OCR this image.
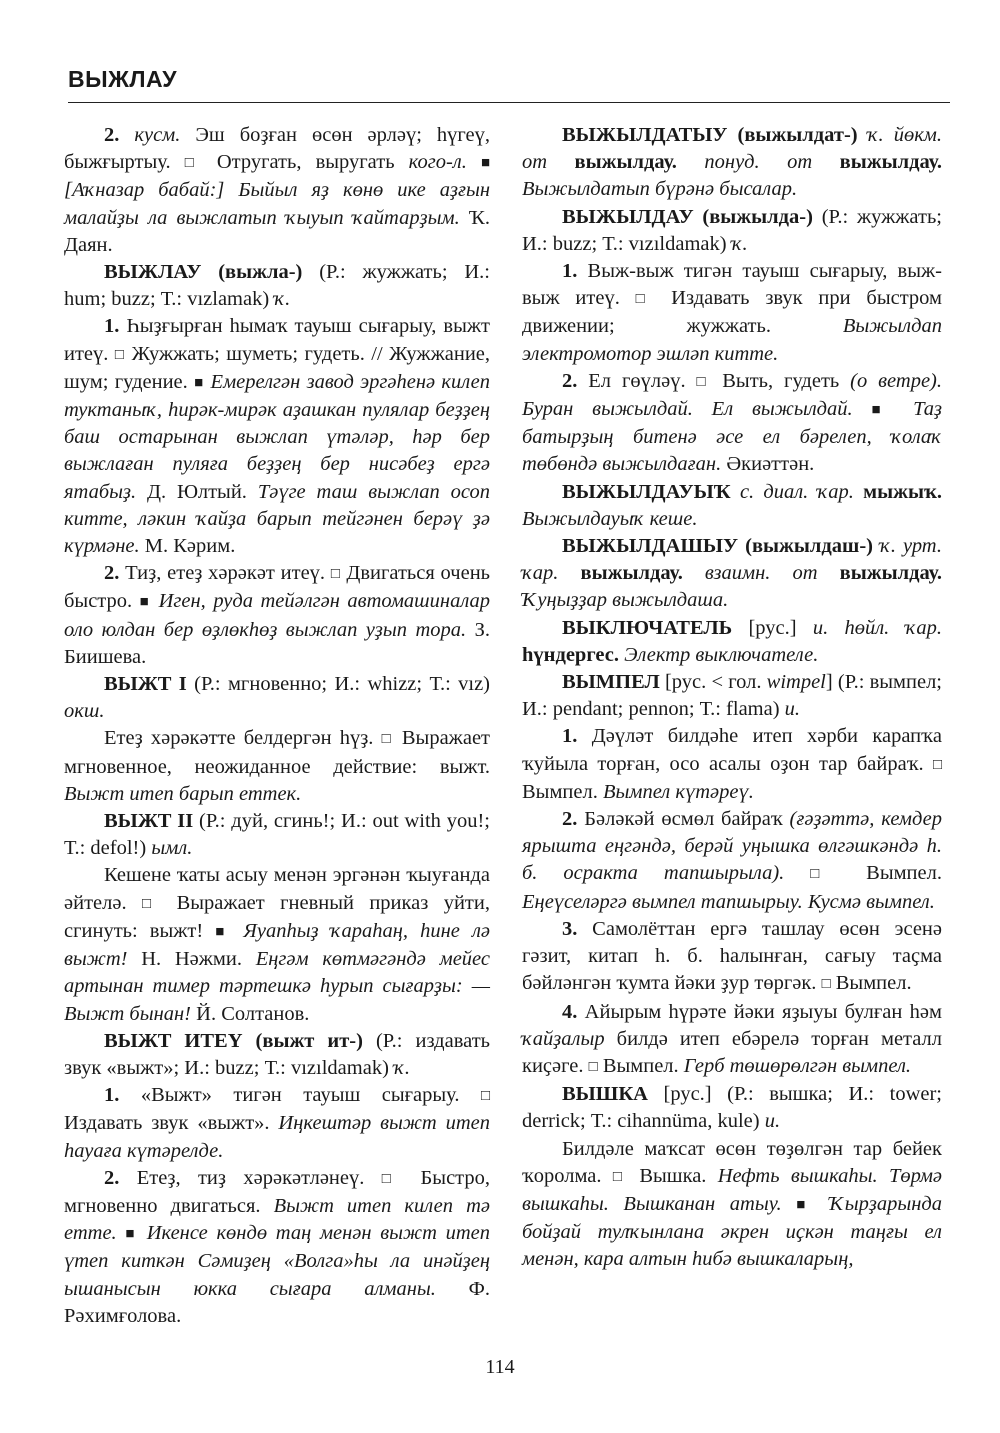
ВЫЖЛАУ

2. кусм. Эш боҙған өсөн әрләү; һүгеү, быжғыртыу. □ Отругать, выругать кого-л. ■ [Аҡназар бабай:] Быйыл яҙ көнө ике аҙғын малайҙы ла выжлатып ҡыуып ҡайтарҙым. Ҡ. Даян.

ВЫЖЛАУ (выжла-) (Р.: жужжать; И.: hum; buzz; Т.: vızlamak) ҡ.

1. Һыҙғырған һымаҡ тауыш сығарыу, выжт итеү. □ Жужжать; шуметь; гудеть. // Жужжание, шум; гудение. ■ Емерелгән завод эргәһенә килеп туктаныҡ, һирәк-мирәк аҙашкан пулялар беҙҙең баш остарынан выжлап үтәләр, һәр бер выжлаған пуляға беҙҙең бер нисәбеҙ ергә ятабыҙ. Д. Юлтый. Тәүге таш выжлап осоп китте, ләкин ҡайҙа барып тейгәнен берәү ҙә күрмәне. М. Кәрим.

2. Тиҙ, етеҙ хәрәкәт итеү. □ Двигаться очень быстро. ■ Иген, руда тейәлгән автомашиналар оло юлдан бер өҙлөкһөҙ выжлап уҙып тора. З. Биишева.

ВЫЖТ I (Р.: мгновенно; И.: whizz; Т.: vız) окш.

Етеҙ хәрәкәтте белдергән һүҙ. □ Выражает мгновенное, неожиданное действие: выжт. Выжт итеп барып еттек.

ВЫЖТ II (Р.: дуй, сгинь!; И.: out with you!; Т.: defol!) ымл.

Кешене ҡаты асыу менән эргәнән ҡыуғанда әйтелә. □ Выражает гневный приказ уйти, сгинуть: выжт! ■ Яуапһыҙ ҡараһаң, һине лә выжт! Н. Нәжми. Еңгәм көтмәгәндә мейес артынан тимер тәртешкә һурып сығарҙы: — Выжт бынан! Й. Солтанов.

ВЫЖТ ИТЕҮ (выжт ит-) (Р.: издавать звук «выжт»; И.: buzz; Т.: vızıldamak) ҡ.

1. «Выжт» тигән тауыш сығарыу. □ Издавать звук «выжт». Иңкештәр выжт итеп һауаға күтәрелде.

2. Етеҙ, тиҙ хәрәкәтләнеү. □ Быстро, мгновенно двигаться. Выжт итеп килеп тә етте. ■ Икенсе көндө таң менән выжт итеп үтеп киткән Сәмиҙең «Волга»һы ла инәйҙең ышанысын юкка сығара алманы. Ф. Рәхимғолова.

ВЫЖЫЛДАТЫУ (выжылдат-) ҡ. йөкм. от выжылдау. понуд. от выжылдау. Выжылдатып бүрәнә бысалар.

ВЫЖЫЛДАУ (выжылда-) (Р.: жужжать; И.: buzz; Т.: vızıldamak) ҡ.

1. Выж-выж тигән тауыш сығарыу, выж-выж итеү. □ Издавать звук при быстром движении; жужжать. Выжылдап электромотор эшләп китте.

2. Ел гөүләү. □ Выть, гудеть (о ветре). Буран выжылдай. Ел выжылдай. ■ Таҙ батырҙың битенә әсе ел бәрелеп, ҡолаҡ төбөндә выжылдаған. Әкиәттән.

ВЫЖЫЛДАУЫҠ с. диал. ҡар. мыжыҡ. Выжылдауыҡ кеше.

ВЫЖЫЛДАШЫУ (выжылдаш-) ҡ. урт. ҡар. выжылдау. взаимн. от выжылдау. Ҡуңыҙҙар выжылдаша.

ВЫКЛЮЧАТЕЛЬ [рус.] и. һөйл. ҡар. һүндергес. Электр выключателе.

ВЫМПЕЛ [рус. < гол. wimpel] (Р.: вымпел; И.: pendant; pennon; Т.: flama) и.

1. Дәүләт билдәһе итеп хәрби карапҡа ҡуйыла торған, осо асалы оҙон тар байраҡ. □ Вымпел. Вымпел күтәреү.

2. Бәләкәй өсмөл байраҡ (ғәҙәттә, кемдер ярышта еңгәндә, берәй уңышка өлгәшкәндә һ. б. осракта тапшырыла). □ Вымпел. Еңеүселәргә вымпел тапшырыу. Кусмә вымпел.

3. Самолёттан ергә ташлау өсөн эсенә гәзит, китап һ. б. һалынған, сағыу таҫма бәйләнгән ҡумта йәки ҙур төргәк. □ Вымпел.

4. Айырым һүрәте йәки яҙыуы булған һәм ҡайҙалыр билдә итеп ебәрелә торған металл киҫәге. □ Вымпел. Герб төшөрөлгән вымпел.

ВЫШКА [рус.] (Р.: вышка; И.: tower; derrick; Т.: cihannüma, kule) и.

Билдәле маҡсат өсөн төҙөлгән тар бейек ҡоролма. □ Вышка. Нефть вышкаһы. Төрмә вышкаһы. Вышканан атыу. ■ Ҡырҙарында бойҙай тулҡынлана әкрен иҫкән таңғы ел менән, кара алтын һибә вышкаларың,

114
